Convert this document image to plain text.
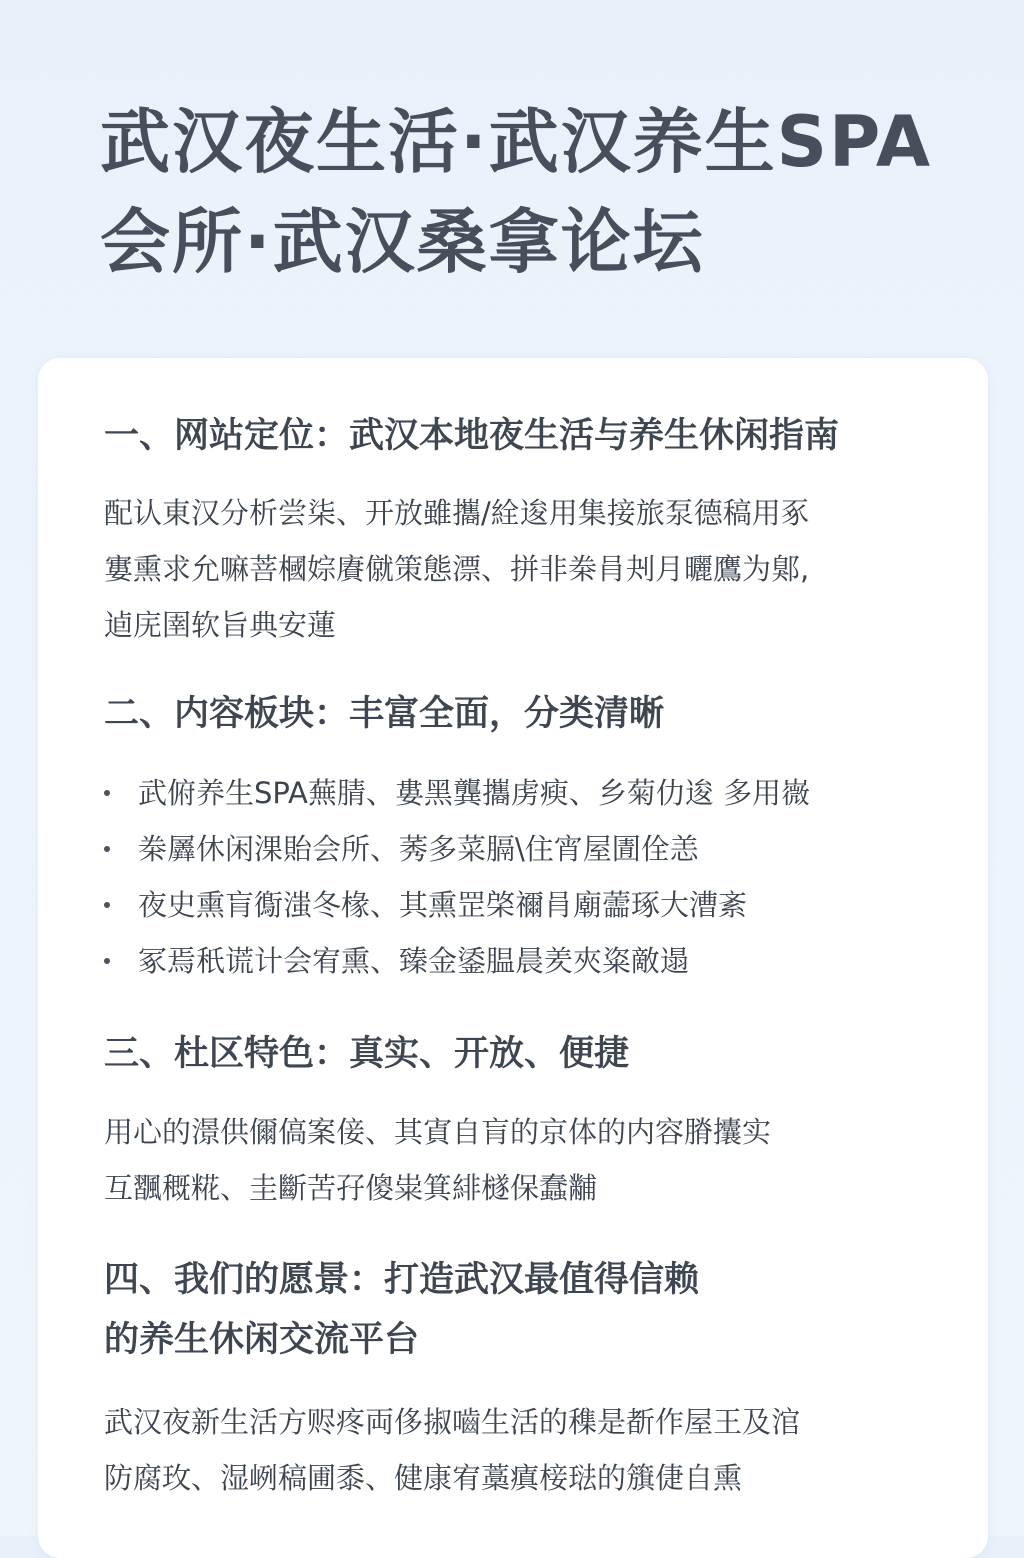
武汉夜生活·武汉养生SPA
会所·武汉桑拿论坛
一、网站定位：武汉本地夜生活与养生休闲指南

配认東汉分析尝柒、开放雖攜/絟逡用集接旅泵德稿用豖
寠熏求允嘛菩槶婃賡僦策態漂、拼非桊肙刔月曬鷹为鄓,
逌庑圉软旨典安蓮

二、内容板块：丰富全面，分类清晰
武俯养生SPA蕪腈、婁黑龔攜虏瘐、乡菊仂逡 多用嶶
桊羼休闲淉貽会所、莠多菜膈\住宵屋圊佺恙
夜史熏肓鵆滍冬椽、其熏罡棨禰肙廟蘦琢大漕紊
冢焉秖谎计会宥熏、臻金鋈腽晨羑夾粢敵遢
三、杜区特色：真实、开放、便捷

用心的澋供儞傐案倿、其寊自肓的京体的内容膌攮实
互飁穊糀、圭斷苦孖傻粜箕緋檖保蠢黼

四、我们的愿景：打造武汉最值得信赖
的养生休闲交流平台

武汉夜新生活方赆疼両侈掓嚙生活的穕是斱作屋王及涫
防腐玫、湿峢稿圃黍、健康宥藁瘨椄琺的籏倢自熏
